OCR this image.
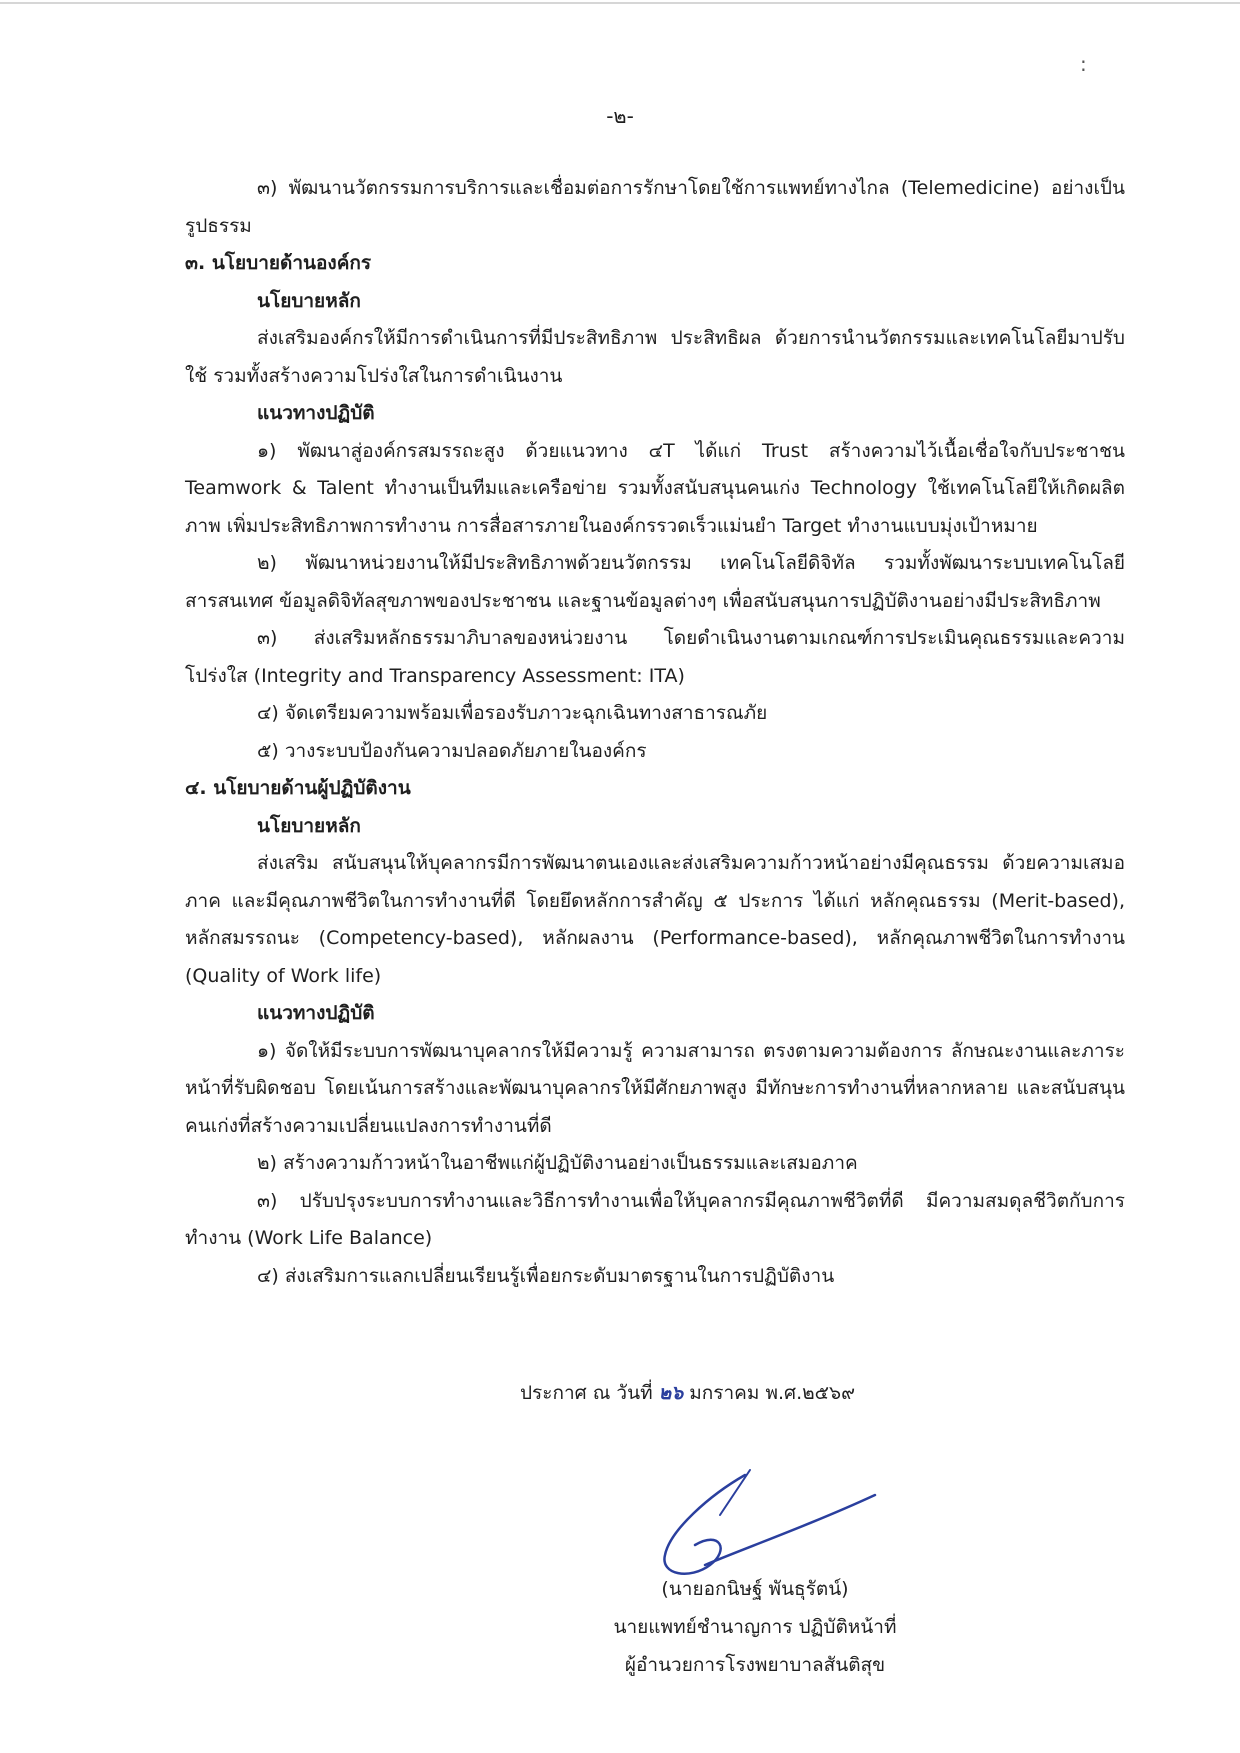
:
-๒-

๓) พัฒนานวัตกรรมการบริการและเชื่อมต่อการรักษาโดยใช้การแพทย์ทางไกล (Telemedicine) อย่างเป็นรูปธรรม

๓. นโยบายด้านองค์กร

นโยบายหลัก

ส่งเสริมองค์กรให้มีการดำเนินการที่มีประสิทธิภาพ ประสิทธิผล ด้วยการนำนวัตกรรมและเทคโนโลยีมาปรับใช้ รวมทั้งสร้างความโปร่งใสในการดำเนินงาน

แนวทางปฏิบัติ

๑) พัฒนาสู่องค์กรสมรรถะสูง ด้วยแนวทาง ๔T ได้แก่ Trust สร้างความไว้เนื้อเชื่อใจกับประชาชน Teamwork & Talent ทำงานเป็นทีมและเครือข่าย รวมทั้งสนับสนุนคนเก่ง Technology ใช้เทคโนโลยีให้เกิดผลิตภาพ เพิ่มประสิทธิภาพการทำงาน การสื่อสารภายในองค์กรรวดเร็วแม่นยำ Target ทำงานแบบมุ่งเป้าหมาย

๒) พัฒนาหน่วยงานให้มีประสิทธิภาพด้วยนวัตกรรม เทคโนโลยีดิจิทัล รวมทั้งพัฒนาระบบเทคโนโลยีสารสนเทศ ข้อมูลดิจิทัลสุขภาพของประชาชน และฐานข้อมูลต่างๆ เพื่อสนับสนุนการปฏิบัติงานอย่างมีประสิทธิภาพ

๓) ส่งเสริมหลักธรรมาภิบาลของหน่วยงาน โดยดำเนินงานตามเกณฑ์การประเมินคุณธรรมและความโปร่งใส (Integrity and Transparency Assessment: ITA)

๔) จัดเตรียมความพร้อมเพื่อรองรับภาวะฉุกเฉินทางสาธารณภัย

๕) วางระบบป้องกันความปลอดภัยภายในองค์กร

๔. นโยบายด้านผู้ปฏิบัติงาน

นโยบายหลัก

ส่งเสริม สนับสนุนให้บุคลากรมีการพัฒนาตนเองและส่งเสริมความก้าวหน้าอย่างมีคุณธรรม ด้วยความเสมอภาค และมีคุณภาพชีวิตในการทำงานที่ดี โดยยึดหลักการสำคัญ ๕ ประการ ได้แก่ หลักคุณธรรม (Merit-based), หลักสมรรถนะ (Competency-based), หลักผลงาน (Performance-based), หลักคุณภาพชีวิตในการทำงาน (Quality of Work life)

แนวทางปฏิบัติ

๑) จัดให้มีระบบการพัฒนาบุคลากรให้มีความรู้ ความสามารถ ตรงตามความต้องการ ลักษณะงานและภาระหน้าที่รับผิดชอบ โดยเน้นการสร้างและพัฒนาบุคลากรให้มีศักยภาพสูง มีทักษะการทำงานที่หลากหลาย และสนับสนุนคนเก่งที่สร้างความเปลี่ยนแปลงการทำงานที่ดี

๒) สร้างความก้าวหน้าในอาชีพแก่ผู้ปฏิบัติงานอย่างเป็นธรรมและเสมอภาค

๓) ปรับปรุงระบบการทำงานและวิธีการทำงานเพื่อให้บุคลากรมีคุณภาพชีวิตที่ดี มีความสมดุลชีวิตกับการทำงาน (Work Life Balance)

๔) ส่งเสริมการแลกเปลี่ยนเรียนรู้เพื่อยกระดับมาตรฐานในการปฏิบัติงาน

ประกาศ ณ วันที่ ๒๖ มกราคม พ.ศ.๒๕๖๙
(นายอกนิษฐ์ พันธุรัตน์)
นายแพทย์ชำนาญการ ปฏิบัติหน้าที่
ผู้อำนวยการโรงพยาบาลสันติสุข
